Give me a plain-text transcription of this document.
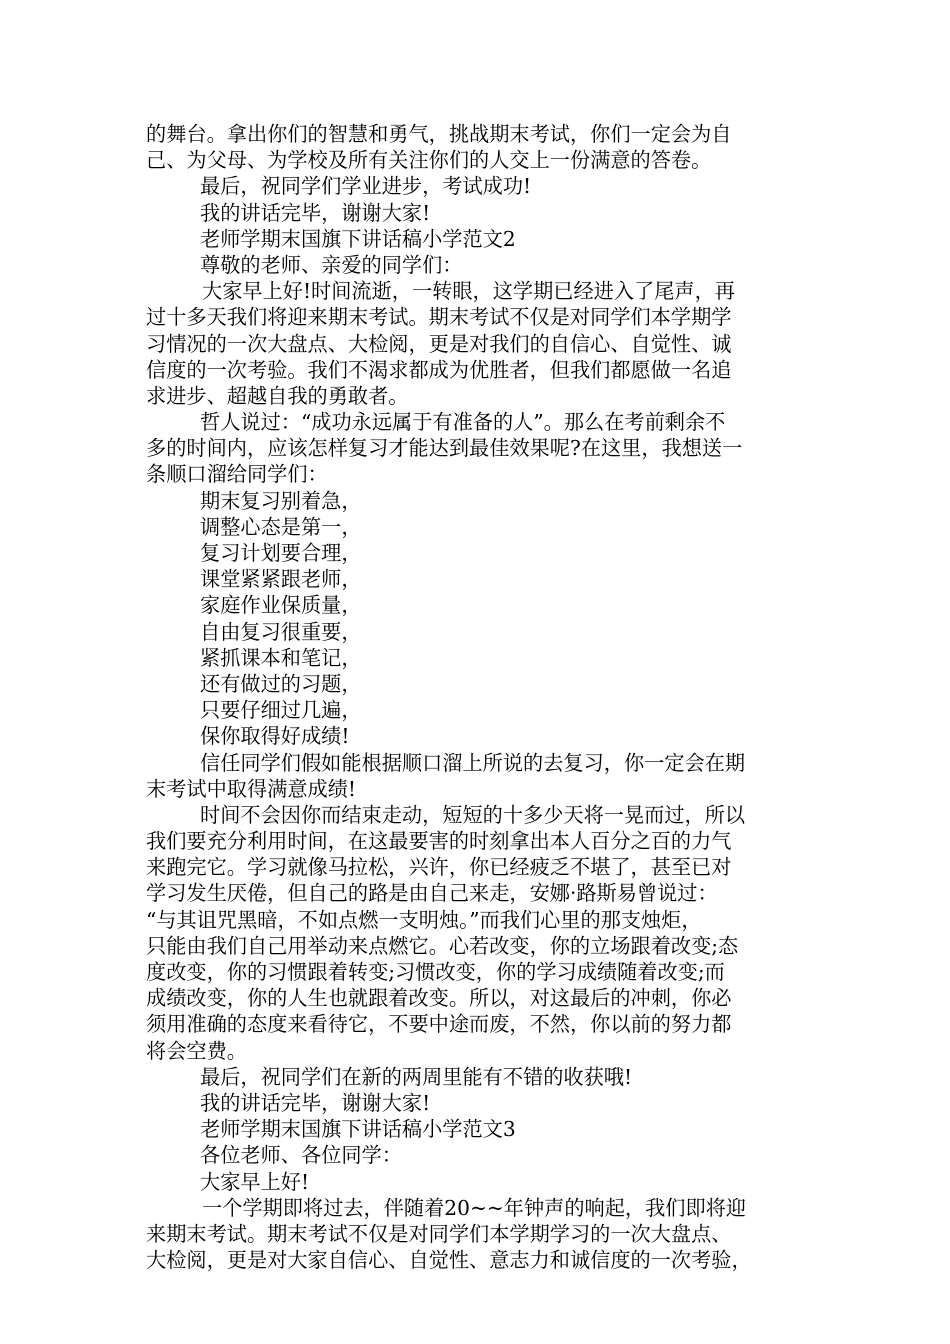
的舞台。拿出你们的智慧和勇气，挑战期末考试，你们一定会为自
己、为父母、为学校及所有关注你们的人交上一份满意的答卷。
最后，祝同学们学业进步，考试成功!
我的讲话完毕，谢谢大家!
老师学期末国旗下讲话稿小学范文2
尊敬的老师、亲爱的同学们：
大家早上好!时间流逝，一转眼，这学期已经进入了尾声，再
过十多天我们将迎来期末考试。期末考试不仅是对同学们本学期学
习情况的一次大盘点、大检阅，更是对我们的自信心、自觉性、诚
信度的一次考验。我们不渴求都成为优胜者，但我们都愿做一名追
求进步、超越自我的勇敢者。
哲人说过：“成功永远属于有准备的人”。那么在考前剩余不
多的时间内，应该怎样复习才能达到最佳效果呢?在这里，我想送一
条顺口溜给同学们：
期末复习别着急，
调整心态是第一，
复习计划要合理，
课堂紧紧跟老师，
家庭作业保质量，
自由复习很重要，
紧抓课本和笔记，
还有做过的习题，
只要仔细过几遍，
保你取得好成绩!
信任同学们假如能根据顺口溜上所说的去复习，你一定会在期
末考试中取得满意成绩!
时间不会因你而结束走动，短短的十多少天将一晃而过，所以
我们要充分利用时间，在这最要害的时刻拿出本人百分之百的力气
来跑完它。学习就像马拉松，兴许，你已经疲乏不堪了，甚至已对
学习发生厌倦，但自己的路是由自己来走，安娜·路斯易曾说过：
“与其诅咒黑暗，不如点燃一支明烛。”而我们心里的那支烛炬，
只能由我们自己用举动来点燃它。心若改变，你的立场跟着改变;态
度改变，你的习惯跟着转变;习惯改变，你的学习成绩随着改变;而
成绩改变，你的人生也就跟着改变。所以，对这最后的冲刺，你必
须用准确的态度来看待它，不要中途而废，不然，你以前的努力都
将会空费。
最后，祝同学们在新的两周里能有不错的收获哦!
我的讲话完毕，谢谢大家!
老师学期末国旗下讲话稿小学范文3
各位老师、各位同学：
大家早上好!
一个学期即将过去，伴随着20~~年钟声的响起，我们即将迎
来期末考试。期末考试不仅是对同学们本学期学习的一次大盘点、
大检阅，更是对大家自信心、自觉性、意志力和诚信度的一次考验，
